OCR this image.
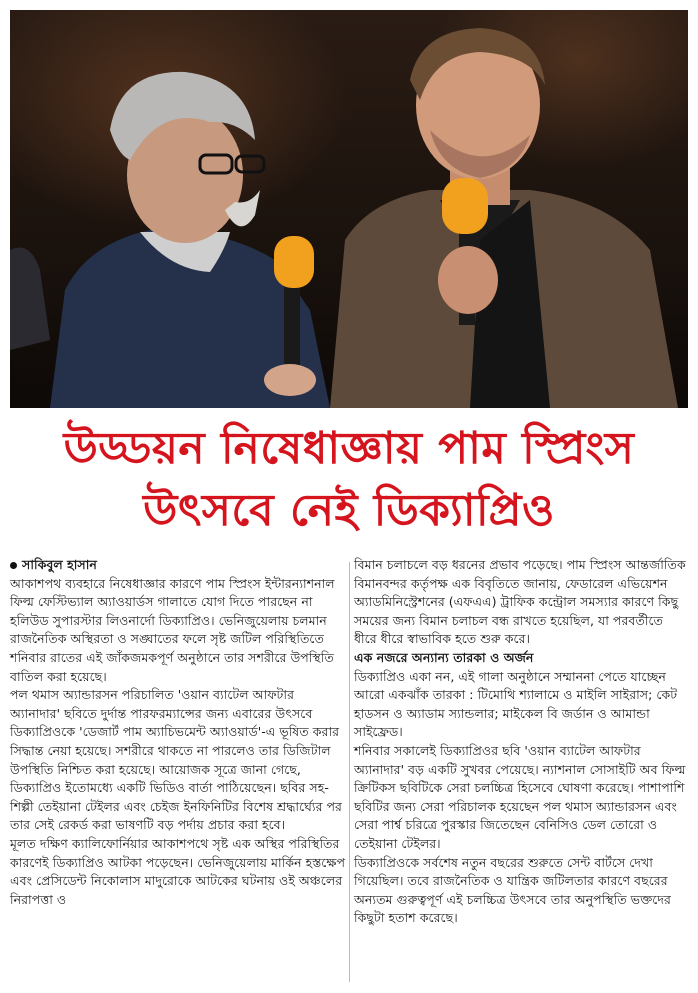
উড্ডয়ন নিষেধাজ্ঞায় পাম স্প্রিংস
উৎসবে নেই ডিক্যাপ্রিও
সাকিবুল হাসান

আকাশপথ ব্যবহারে নিষেধাজ্ঞার কারণে পাম স্প্রিংস ইন্টারন্যাশনাল ফিল্ম ফেস্টিভ্যাল অ্যাওয়ার্ডস গালাতে যোগ দিতে পারছেন না হলিউড সুপারস্টার লিওনার্দো ডিক্যাপ্রিও। ভেনিজুয়েলায় চলমান রাজনৈতিক অস্থিরতা ও সঙ্ঘাতের ফলে সৃষ্ট জটিল পরিস্থিতিতে শনিবার রাতের এই জাঁকজমকপূর্ণ অনুষ্ঠানে তার সশরীরে উপস্থিতি বাতিল করা হয়েছে।

পল থমাস অ্যান্ডারসন পরিচালিত 'ওয়ান ব্যাটেল আফটার অ্যানাদার' ছবিতে দুর্দান্ত পারফরম্যান্সের জন্য এবারের উৎসবে ডিক্যাপ্রিওকে 'ডেজার্ট পাম অ্যাচিভমেন্ট অ্যাওয়ার্ড'-এ ভূষিত করার সিদ্ধান্ত নেয়া হয়েছে। সশরীরে থাকতে না পারলেও তার ডিজিটাল উপস্থিতি নিশ্চিত করা হয়েছে। আয়োজক সূত্রে জানা গেছে, ডিক্যাপ্রিও ইতোমধ্যে একটি ভিডিও বার্তা পাঠিয়েছেন। ছবির সহ-শিল্পী তেইয়ানা টেইলর এবং চেইজ ইনফিনিটির বিশেষ শ্রদ্ধার্ঘ্যের পর তার সেই রেকর্ড করা ভাষণটি বড় পর্দায় প্রচার করা হবে।

মূলত দক্ষিণ ক্যালিফোর্নিয়ার আকাশপথে সৃষ্ট এক অস্থির পরিস্থিতির কারণেই ডিক্যাপ্রিও আটকা পড়েছেন। ভেনিজুয়েলায় মার্কিন হস্তক্ষেপ এবং প্রেসিডেন্ট নিকোলাস মাদুরোকে আটকের ঘটনায় ওই অঞ্চলের নিরাপত্তা ও

বিমান চলাচলে বড় ধরনের প্রভাব পড়েছে। পাম স্প্রিংস আন্তর্জাতিক বিমানবন্দর কর্তৃপক্ষ এক বিবৃতিতে জানায়, ফেডারেল এভিয়েশন অ্যাডমিনিস্ট্রেশনের (এফএএ) ট্রাফিক কন্ট্রোল সমস্যার কারণে কিছু সময়ের জন্য বিমান চলাচল বন্ধ রাখতে হয়েছিল, যা পরবর্তীতে ধীরে ধীরে স্বাভাবিক হতে শুরু করে।

এক নজরে অন্যান্য তারকা ও অর্জন

ডিক্যাপ্রিও একা নন, এই গালা অনুষ্ঠানে সম্মাননা পেতে যাচ্ছেন আরো একঝাঁক তারকা : টিমোথি শ্যালামে ও মাইলি সাইরাস; কেট হাডসন ও অ্যাডাম স্যান্ডলার; মাইকেল বি জর্ডান ও আমান্ডা সাইফ্রেড।

শনিবার সকালেই ডিক্যাপ্রিওর ছবি 'ওয়ান ব্যাটেল আফটার অ্যানাদার' বড় একটি সুখবর পেয়েছে। ন্যাশনাল সোসাইটি অব ফিল্ম ক্রিটিকস ছবিটিকে সেরা চলচ্চিত্র হিসেবে ঘোষণা করেছে। পাশাপাশি ছবিটির জন্য সেরা পরিচালক হয়েছেন পল থমাস অ্যান্ডারসন এবং সেরা পার্শ্ব চরিত্রে পুরস্কার জিতেছেন বেনিসিও ডেল তোরো ও তেইয়ানা টেইলর।

ডিক্যাপ্রিওকে সর্বশেষ নতুন বছরের শুরুতে সেন্ট বার্টসে দেখা গিয়েছিল। তবে রাজনৈতিক ও যান্ত্রিক জটিলতার কারণে বছরের অন্যতম গুরুত্বপূর্ণ এই চলচ্চিত্র উৎসবে তার অনুপস্থিতি ভক্তদের কিছুটা হতাশ করেছে।
